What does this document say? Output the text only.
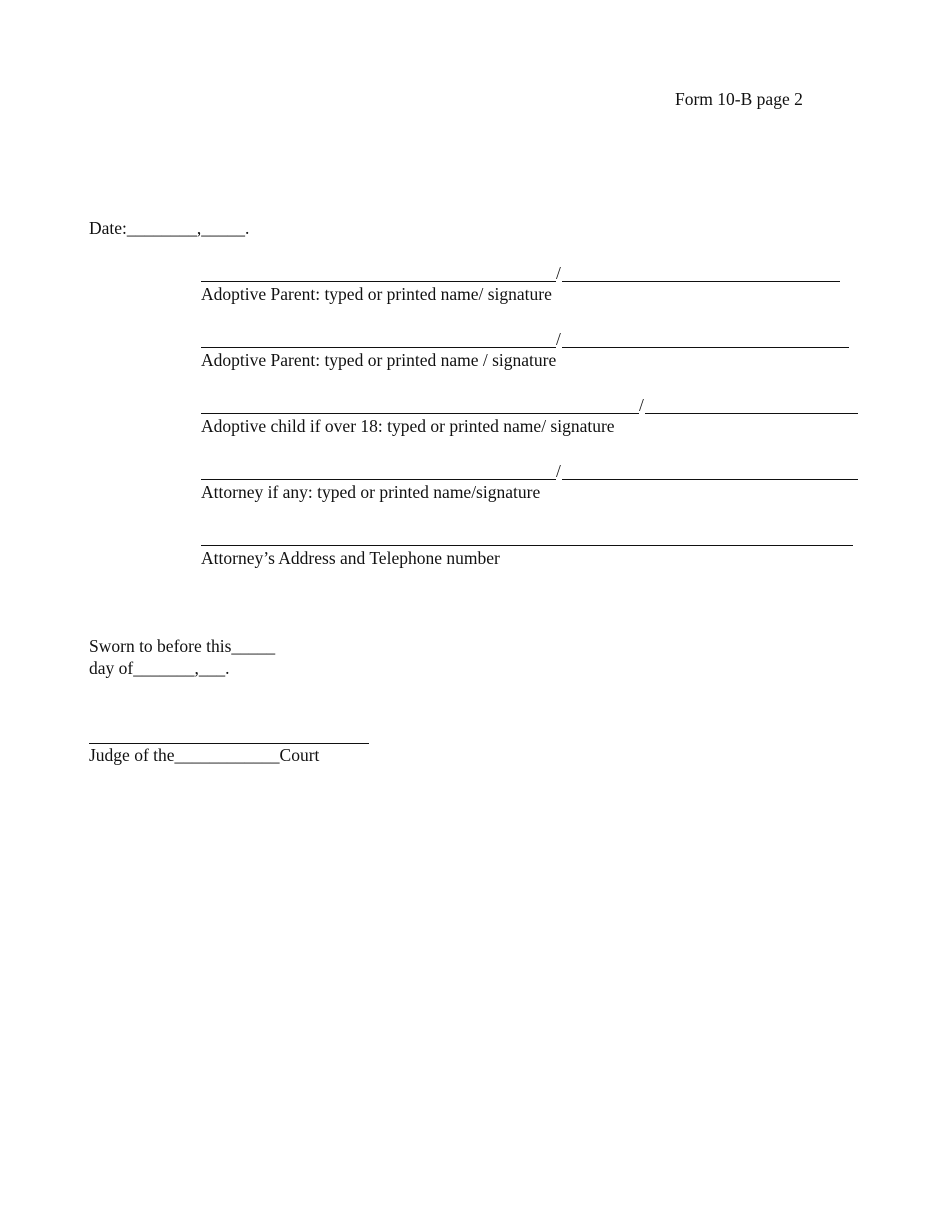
Form 10-B page 2
Date:________,_____.
/
Adoptive Parent: typed or printed name/ signature
/
Adoptive Parent: typed or printed name / signature
/
Adoptive child if over 18: typed or printed name/ signature
/
Attorney if any: typed or printed name/signature
Attorney’s Address and Telephone number
Sworn to before this_____
day of_______,___.
Judge of the____________Court
